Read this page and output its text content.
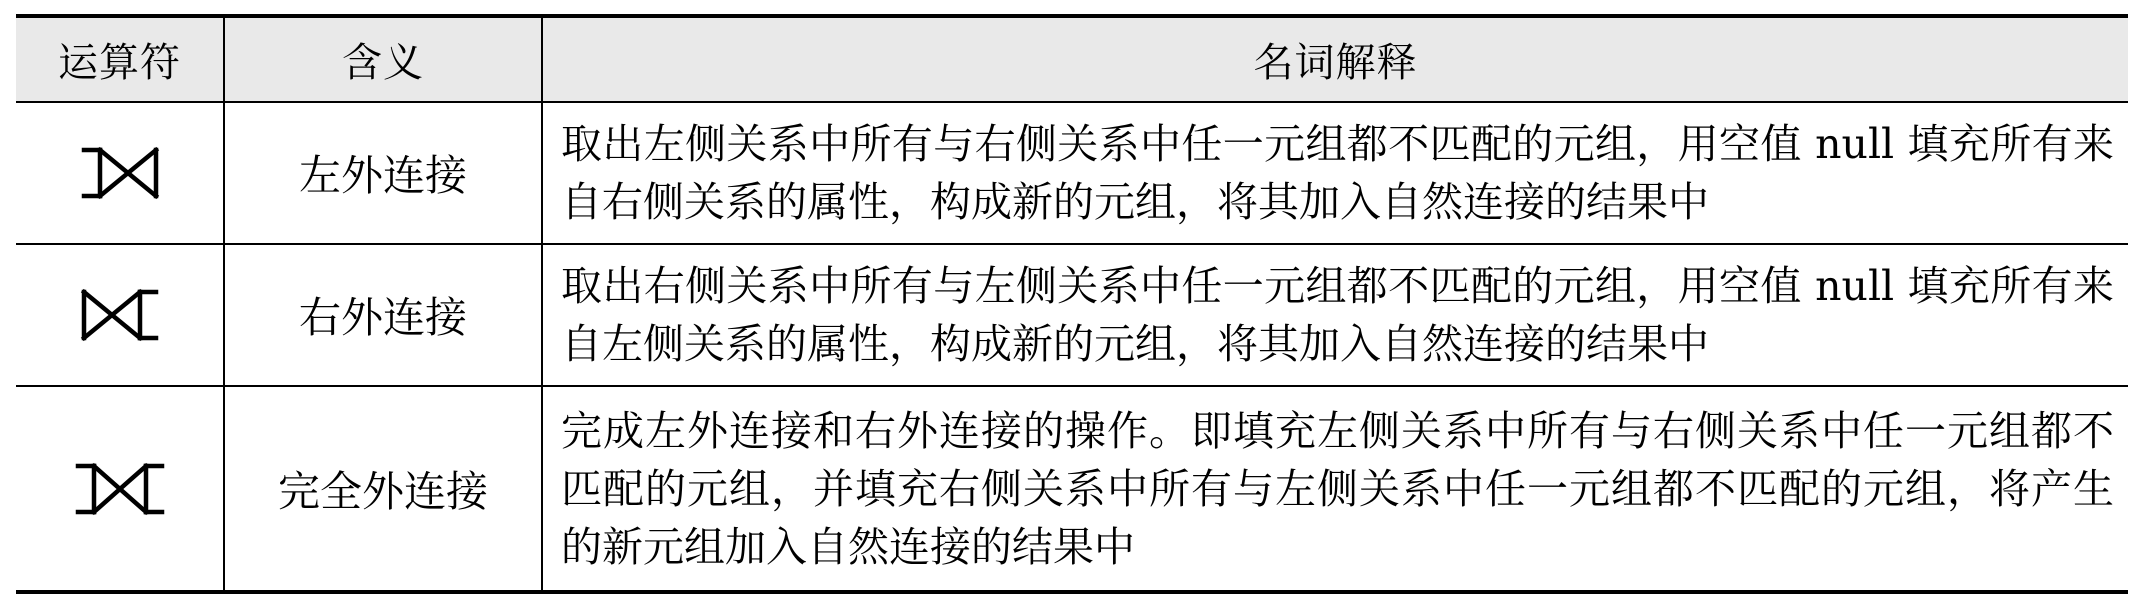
运算符	含义	名词解释
	左外连接	取出左侧关系中所有与右侧关系中任一元组都不匹配的元组，用空值 null 填充所有来自右侧关系的属性，构成新的元组，将其加入自然连接的结果中
	右外连接	取出右侧关系中所有与左侧关系中任一元组都不匹配的元组，用空值 null 填充所有来自左侧关系的属性，构成新的元组，将其加入自然连接的结果中
	完全外连接	完成左外连接和右外连接的操作。即填充左侧关系中所有与右侧关系中任一元组都不匹配的元组，并填充右侧关系中所有与左侧关系中任一元组都不匹配的元组，将产生的新元组加入自然连接的结果中
